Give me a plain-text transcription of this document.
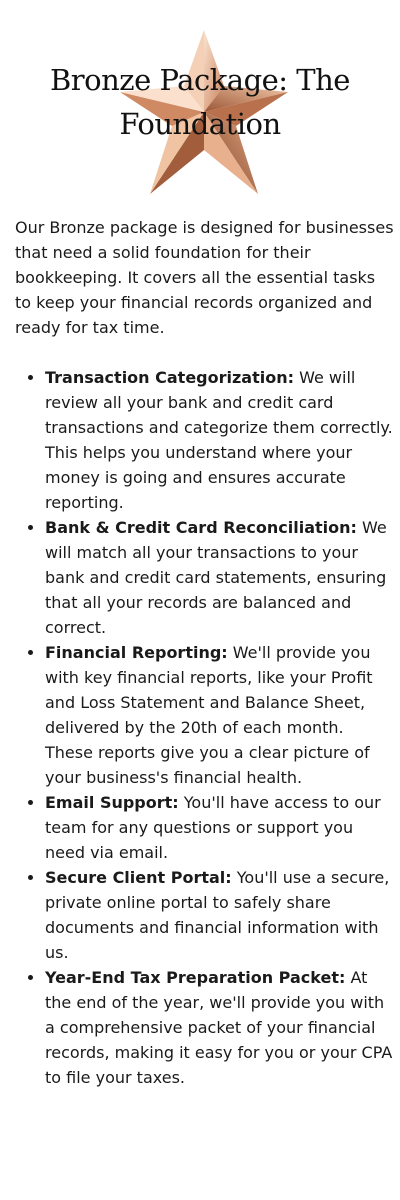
Bronze Package: The Foundation

Our Bronze package is designed for businesses that need a solid foundation for their bookkeeping. It covers all the essential tasks to keep your financial records organized and ready for tax time.

• Transaction Categorization: We will review all your bank and credit card transactions and categorize them correctly. This helps you understand where your money is going and ensures accurate reporting.
• Bank & Credit Card Reconciliation: We will match all your transactions to your bank and credit card statements, ensuring that all your records are balanced and correct.
• Financial Reporting: We'll provide you with key financial reports, like your Profit and Loss Statement and Balance Sheet, delivered by the 20th of each month. These reports give you a clear picture of your business's financial health.
• Email Support: You'll have access to our team for any questions or support you need via email.
• Secure Client Portal: You'll use a secure, private online portal to safely share documents and financial information with us.
• Year-End Tax Preparation Packet: At the end of the year, we'll provide you with a comprehensive packet of your financial records, making it easy for you or your CPA to file your taxes.
